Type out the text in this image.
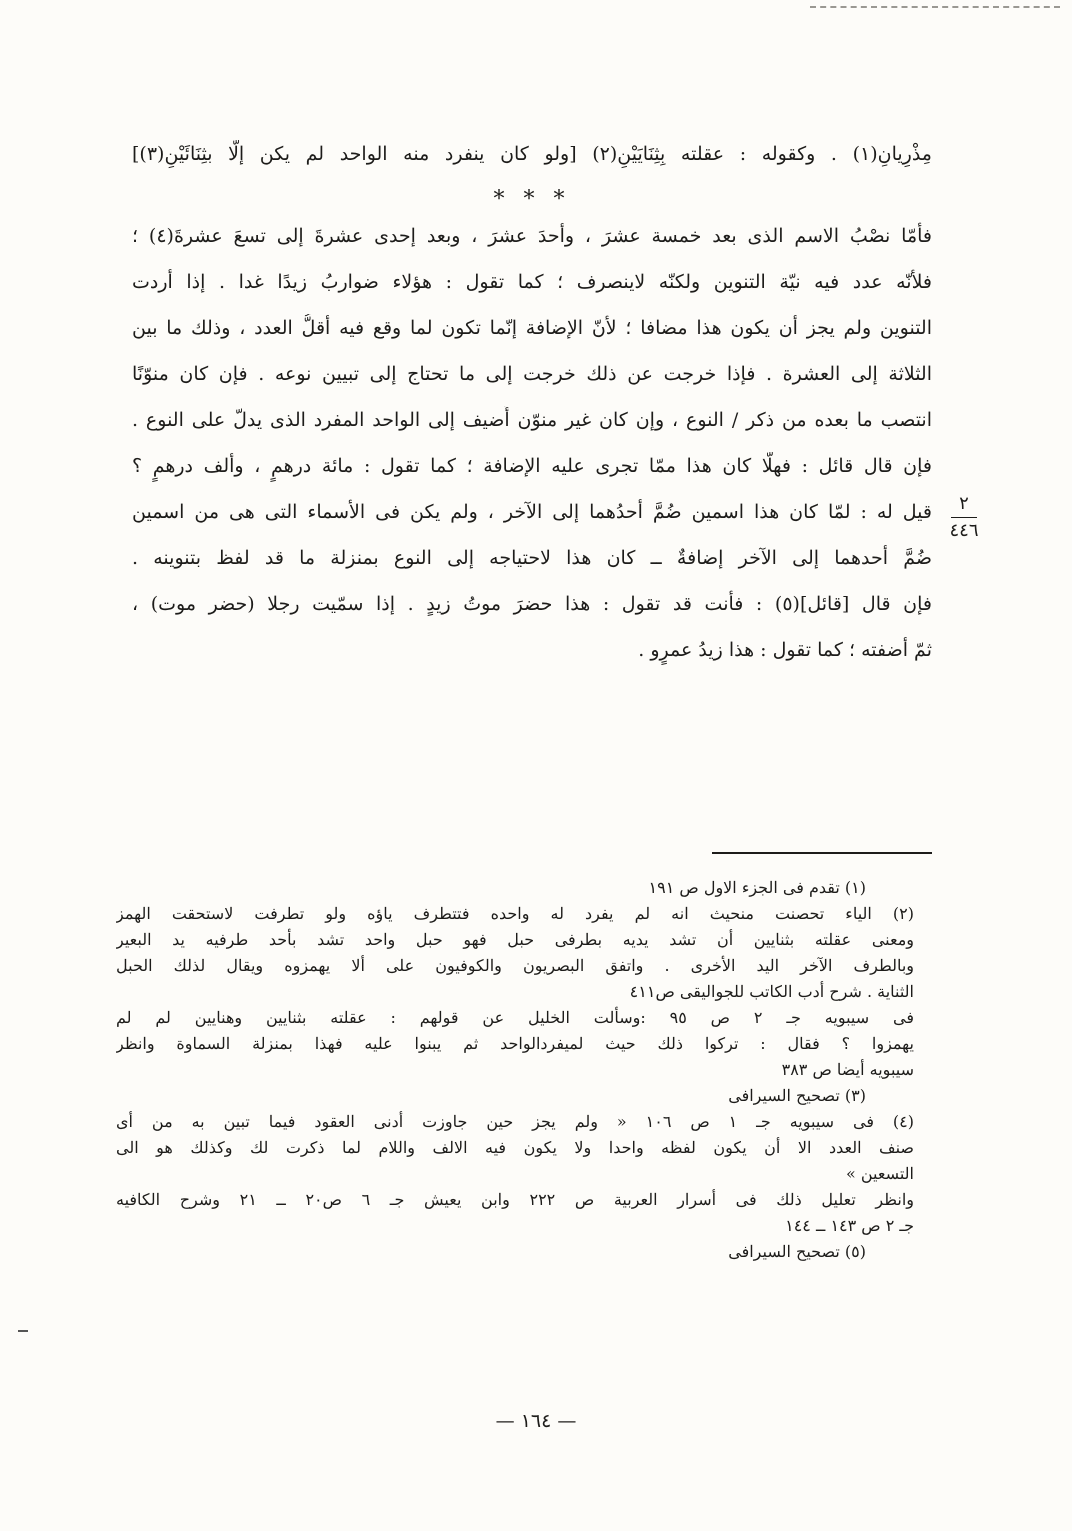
مِذْرِيانِ(١) . وكقوله : عقلته بِثِنَايَيْنِ(٢) [ولو كان ينفرد منه الواحد لم يكن إلّا بثِنَائَيْنِ(٣)]
* * *
فأمّا نصْبُ الاسم الذى بعد خمسة عشرَ ، وأحدَ عشرَ ، وبعد إحدى عشرةَ إلى تسعَ عشرةَ(٤) ؛
فلأنّه عدد فيه نيّة التنوين ولكنّه لاينصرف ؛ كما تقول : هؤلاء ضواربُ زيدًا غدا . إذا أردت
التنوين ولم يجز أن يكون هذا مضافا ؛ لأنّ الإضافة إنّما تكون لما وقع فيه أقلُّ العدد ، وذلك ما بين
الثلاثة إلى العشرة . فإذا خرجت عن ذلك خرجت إلى ما تحتاج إلى تبيين نوعه . فإن كان منوّنًا
انتصب ما بعده من ذكر / النوع ، وإن كان غير منوّن أُضيف إلى الواحد المفرد الذى يدلّ على النوع .
فإن قال قائل : فهلّا كان هذا ممّا تجرى عليه الإضافة ؛ كما تقول : مائة درهمٍ ، وألف درهمٍ ؟
قيل له : لمّا كان هذا اسمين ضُمَّ أحدُهما إلى الآخر ، ولم يكن فى الأسماء التى هى من اسمين
ضُمَّ أحدهما إلى الآخر إضافةٌ ــ كان هذا لاحتياجه إلى النوع بمنزلة ما قد لفظ بتنوينه .
فإن قال [قائل](٥) : فأنت قد تقول : هذا حضرَ موتُ زيدٍ . إذا سمّيت رجلا (حضر موت) ،
ثمّ أضفته ؛ كما تقول : هذا زيدُ عمرٍو .
٢
٤٤٦
(١) تقدم فى الجزء الاول ص ١٩١
(٢) الياء تحصنت منحيث انه لم يفرد له واحده فتتطرف ياؤه ولو تطرفت لاستحقت الهمز
ومعنى عقلته بثنايين أن تشد يديه بطرفى حبل فهو حبل واحد تشد بأحد طرفيه يد البعير
وبالطرف الآخر اليد الأخرى . واتفق البصريون والكوفيون على ألا يهمزوه ويقال لذلك الحبل
الثناية . شرح أدب الكاتب للجواليقى ص٤١١
فى سيبويه جـ ٢ ص ٩٥ :وسألت الخليل عن قولهم : عقلته بثنايين وهنايين لم لم
يهمزوا ؟ فقال : تركوا ذلك حيث لميفردالواحد ثم يبنوا عليه فهذا بمنزلة السماوة وانظر
سيبويه أيضا ص ٣٨٣
(٣) تصحيح السيرافى
(٤) فى سيبويه جـ ١ ص ١٠٦ « ولم يجز حين جاوزت أدنى العقود فيما تبين به من أى
صنف العدد الا أن يكون لفظه واحدا ولا يكون فيه الالف واللام لما ذكرت لك وكذلك هو الى
التسعين »
وانظر تعليل ذلك فى أسرار العربية ص ٢٢٢ وابن يعيش جـ ٦ ص٢٠ ــ ٢١ وشرح الكافيه
جـ ٢ ص ١٤٣ ــ ١٤٤
(٥) تصحيح السيرافى
— ١٦٤ —
